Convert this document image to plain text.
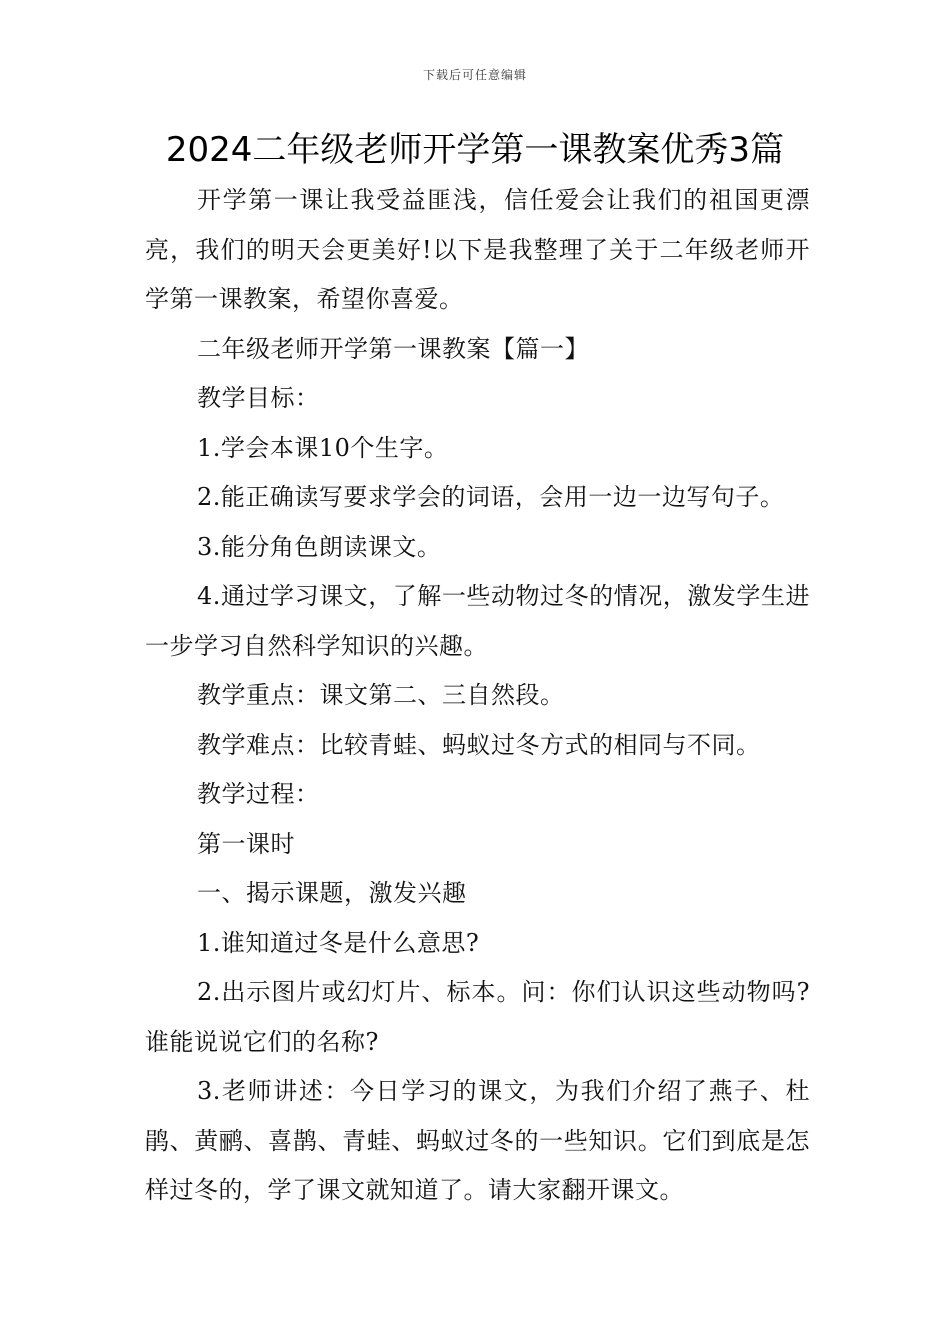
下载后可任意编辑
2024二年级老师开学第一课教案优秀3篇

开学第一课让我受益匪浅，信任爱会让我们的祖国更漂亮，我们的明天会更美好!以下是我整理了关于二年级老师开学第一课教案，希望你喜爱。

二年级老师开学第一课教案【篇一】

教学目标：

1.学会本课10个生字。

2.能正确读写要求学会的词语，会用一边一边写句子。

3.能分角色朗读课文。

4.通过学习课文，了解一些动物过冬的情况，激发学生进一步学习自然科学知识的兴趣。

教学重点：课文第二、三自然段。

教学难点：比较青蛙、蚂蚁过冬方式的相同与不同。

教学过程：

第一课时

一、揭示课题，激发兴趣

1.谁知道过冬是什么意思?

2.出示图片或幻灯片、标本。问：你们认识这些动物吗?谁能说说它们的名称?

3.老师讲述：今日学习的课文，为我们介绍了燕子、杜鹃、黄鹂、喜鹊、青蛙、蚂蚁过冬的一些知识。它们到底是怎样过冬的，学了课文就知道了。请大家翻开课文。
